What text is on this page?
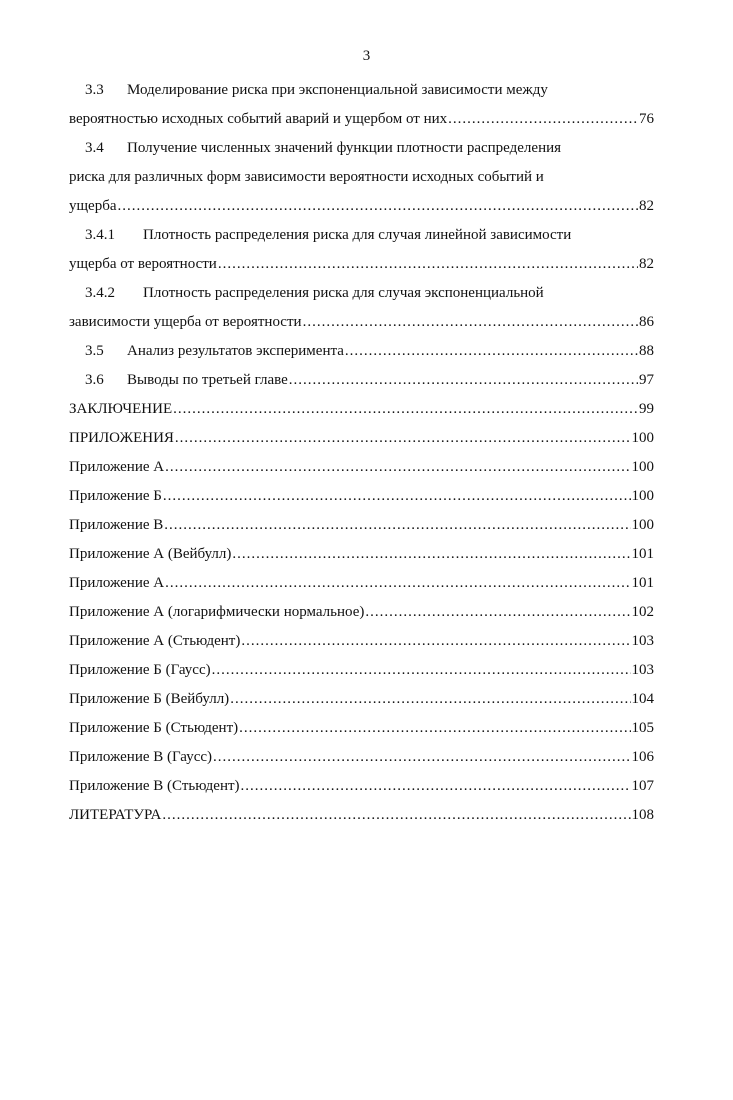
3
3.3 Моделирование риска при экспоненциальной зависимости между
вероятностью исходных событий аварий и ущербом от них .....	76
3.4 Получение численных значений функции плотности распределения
риска для различных форм зависимости вероятности исходных событий и
ущерба .....	82
3.4.1 Плотность распределения риска для случая линейной зависимости
ущерба от вероятности .....	82
3.4.2 Плотность распределения риска для случая экспоненциальной
зависимости ущерба от вероятности .....	86
3.5 Анализ результатов эксперимента .....	88
3.6 Выводы по третьей главе .....	97
ЗАКЛЮЧЕНИЕ .....	99
ПРИЛОЖЕНИЯ .....	100
Приложение А .....	100
Приложение Б .....	100
Приложение В .....	100
Приложение А (Вейбулл) .....	101
Приложение А .....	101
Приложение А (логарифмически нормальное) .....	102
Приложение А (Стьюдент) .....	103
Приложение Б (Гаусс) .....	103
Приложение Б (Вейбулл) .....	104
Приложение Б (Стьюдент) .....	105
Приложение В (Гаусс) .....	106
Приложение В (Стьюдент) .....	107
ЛИТЕРАТУРА .....	108
